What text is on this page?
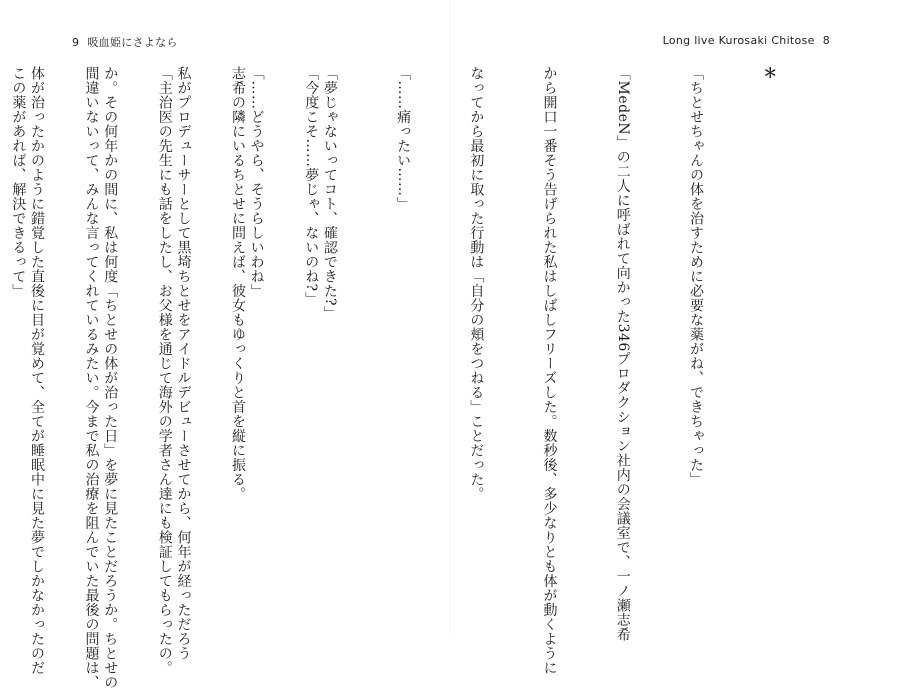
9 吸血姫にさよなら

「今度こそ……夢じゃ、ないのね?」

志希の隣にいるちとせに問えば、彼女もゆっくりと首を縦に振る。

「主治医の先生にも話をしたし、お父様を通じて海外の学者さん達にも検証してもらったの。

間違いないって、みんな言ってくれているみたい。今まで私の治療を阻んでいた最後の問題は、

この薬があれば、解決できるって」

Long live Kurosaki Chitose 8

＊

「ちとせちゃんの体を治すために必要な薬がね、できちゃった」

「MedeN」の二人に呼ばれて向かった346プロダクション社内の会議室で、一ノ瀬志希

から開口一番そう告げられた私はしばしフリーズした。数秒後、多少なりとも体が動くように

なってから最初に取った行動は「自分の頬をつねる」ことだった。

「……痛ったい……」

「夢じゃないってコト、確認できた?」

「……どうやら、そうらしいわね」

私がプロデューサーとして黒埼ちとせをアイドルデビューさせてから、何年が経っただろう

か。その何年かの間に、私は何度「ちとせの体が治った日」を夢に見たことだろうか。ちとせの

体が治ったかのように錯覚した直後に目が覚めて、全てが睡眠中に見た夢でしかなかったのだ
